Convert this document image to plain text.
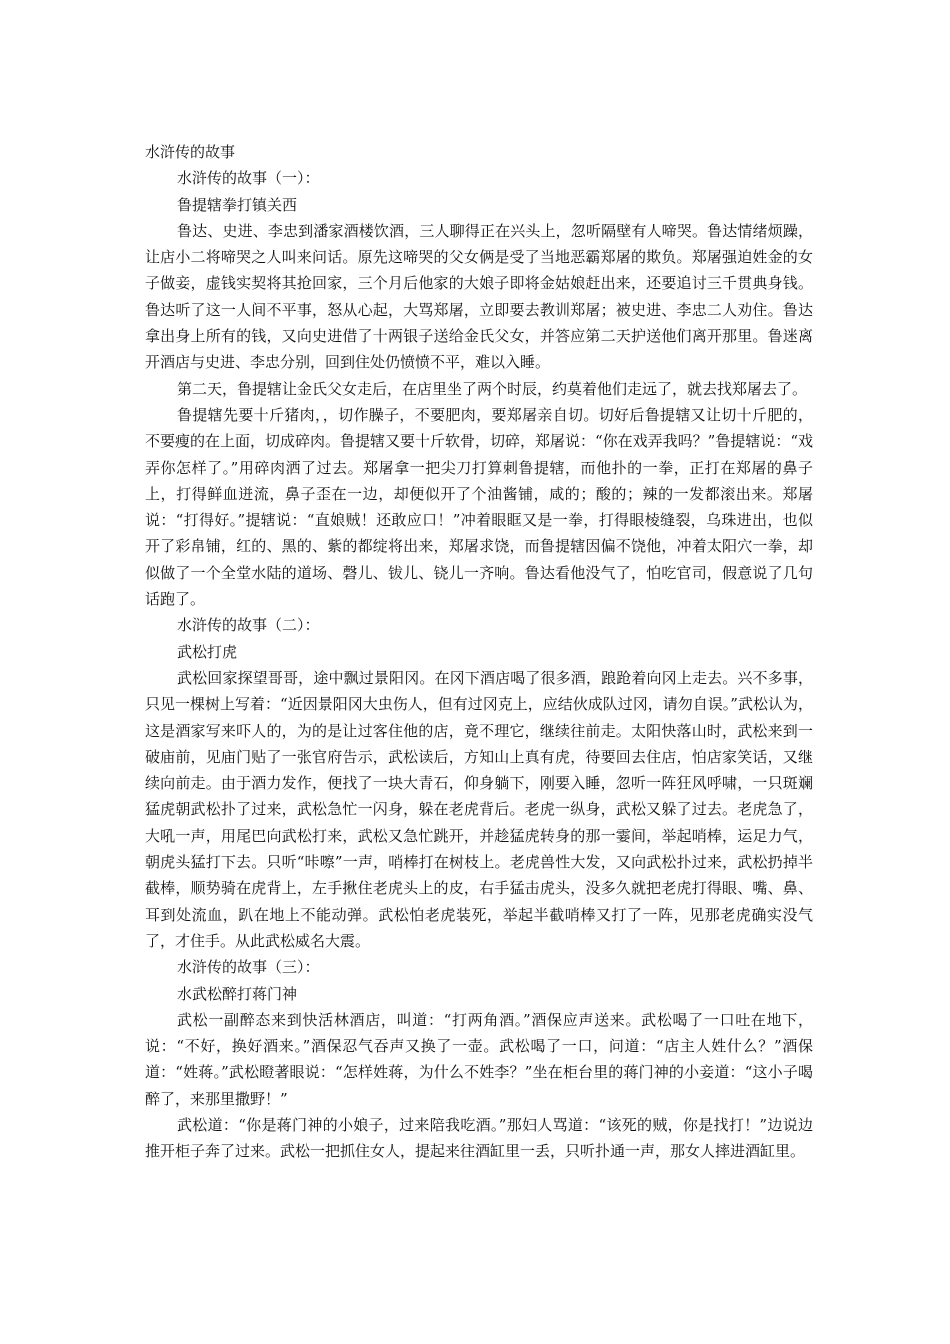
水浒传的故事

水浒传的故事（一）：

鲁提辖拳打镇关西

鲁达、史进、李忠到潘家酒楼饮酒，三人聊得正在兴头上，忽听隔壁有人啼哭。鲁达情绪烦躁，让店小二将啼哭之人叫来问话。原先这啼哭的父女俩是受了当地恶霸郑屠的欺负。郑屠强迫姓金的女子做妾，虚钱实契将其抢回家，三个月后他家的大娘子即将金姑娘赶出来，还要追讨三千贯典身钱。鲁达听了这一人间不平事，怒从心起，大骂郑屠，立即要去教训郑屠；被史进、李忠二人劝住。鲁达拿出身上所有的钱，又向史进借了十两银子送给金氏父女，并答应第二天护送他们离开那里。鲁迷离开酒店与史进、李忠分别，回到住处仍愤愤不平，难以入睡。

第二天，鲁提辖让金氏父女走后，在店里坐了两个时辰，约莫着他们走远了，就去找郑屠去了。

鲁提辖先要十斤猪肉，，切作臊子，不要肥肉，要郑屠亲自切。切好后鲁提辖又让切十斤肥的，不要瘦的在上面，切成碎肉。鲁提辖又要十斤软骨，切碎，郑屠说：“你在戏弄我吗？”鲁提辖说：“戏弄你怎样了。”用碎肉洒了过去。郑屠拿一把尖刀打算刺鲁提辖，而他扑的一拳，正打在郑屠的鼻子上，打得鲜血迸流，鼻子歪在一边，却便似开了个油酱铺，咸的；酸的；辣的一发都滚出来。郑屠说：“打得好。”提辖说：“直娘贼！还敢应口！”冲着眼眶又是一拳，打得眼棱缝裂，乌珠进出，也似开了彩帛铺，红的、黑的、紫的都绽将出来，郑屠求饶，而鲁提辖因偏不饶他，冲着太阳穴一拳，却似做了一个全堂水陆的道场、磬儿、钹儿、铙儿一齐响。鲁达看他没气了，怕吃官司，假意说了几句话跑了。

水浒传的故事（二）：

武松打虎

武松回家探望哥哥，途中飘过景阳冈。在冈下酒店喝了很多酒，踉跄着向冈上走去。兴不多事，只见一棵树上写着：“近因景阳冈大虫伤人，但有过冈克上，应结伙成队过冈，请勿自误。”武松认为，这是酒家写来吓人的，为的是让过客住他的店，竟不理它，继续往前走。太阳快落山时，武松来到一破庙前，见庙门贴了一张官府告示，武松读后，方知山上真有虎，待要回去住店，怕店家笑话，又继续向前走。由于酒力发作，便找了一块大青石，仰身躺下，刚要入睡，忽听一阵狂风呼啸，一只斑斓猛虎朝武松扑了过来，武松急忙一闪身，躲在老虎背后。老虎一纵身，武松又躲了过去。老虎急了，大吼一声，用尾巴向武松打来，武松又急忙跳开，并趁猛虎转身的那一霎间，举起哨棒，运足力气，朝虎头猛打下去。只听“咔嚓”一声，哨棒打在树枝上。老虎兽性大发，又向武松扑过来，武松扔掉半截棒，顺势骑在虎背上，左手揪住老虎头上的皮，右手猛击虎头，没多久就把老虎打得眼、嘴、鼻、耳到处流血，趴在地上不能动弹。武松怕老虎装死，举起半截哨棒又打了一阵，见那老虎确实没气了，才住手。从此武松威名大震。

水浒传的故事（三）：

水武松醉打蒋门神

武松一副醉态来到快活林酒店，叫道：“打两角酒。”酒保应声送来。武松喝了一口吐在地下，说：“不好，换好酒来。”酒保忍气吞声又换了一壶。武松喝了一口，问道：“店主人姓什么？”酒保道：“姓蒋。”武松瞪著眼说：“怎样姓蒋，为什么不姓李？”坐在柜台里的蒋门神的小妾道：“这小子喝醉了，来那里撒野！”

武松道：“你是蒋门神的小娘子，过来陪我吃酒。”那妇人骂道：“该死的贼，你是找打！”边说边推开柜子奔了过来。武松一把抓住女人，提起来往酒缸里一丢，只听扑通一声，那女人摔进酒缸里。
